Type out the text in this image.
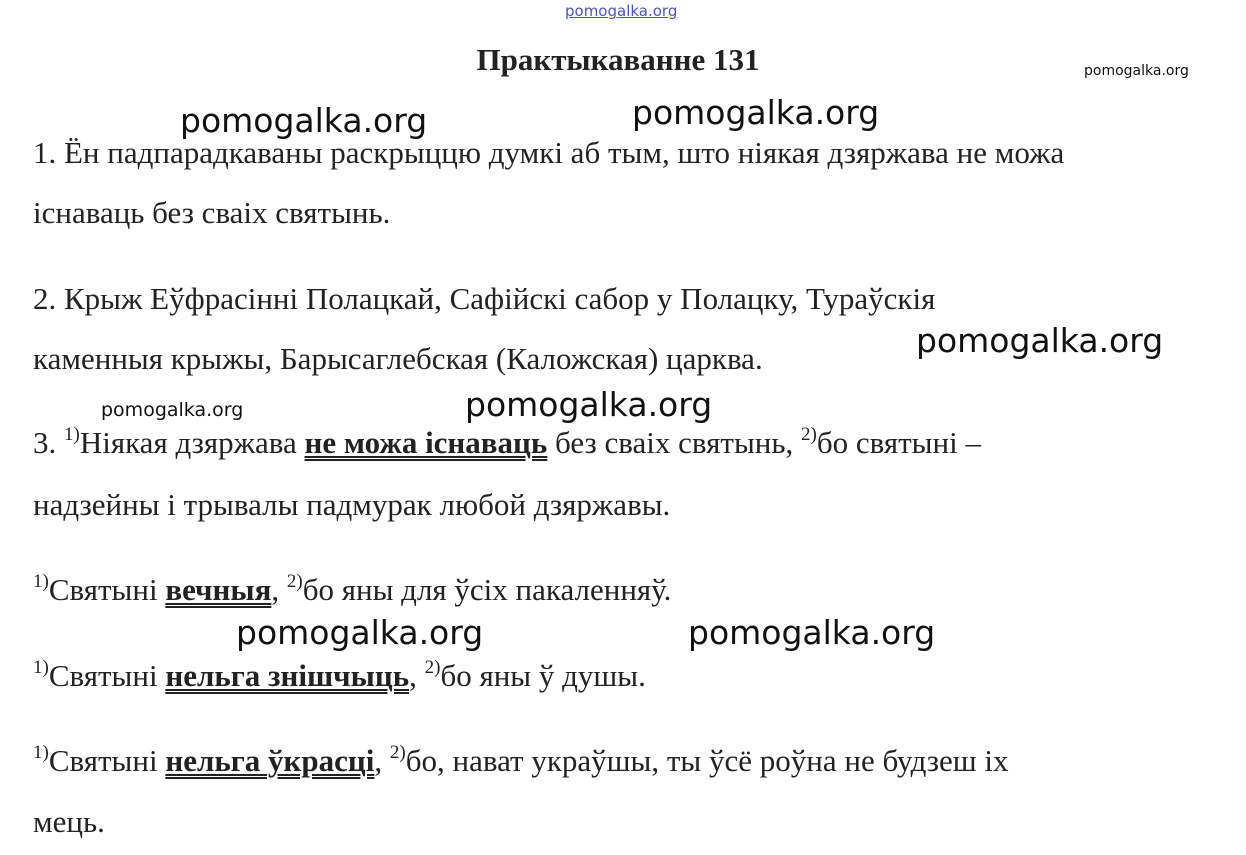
pomogalka.org
Практыкаванне 131	pomogalka.org
pomogalka.org	pomogalka.org
1. Ён падпарадкаваны раскрыццю думкі аб тым, што ніякая дзяржава не можа
існаваць без сваіх святынь.
2. Крыж Еўфрасінні Полацкай, Сафійскі сабор у Полацку, Тураўскія
pomogalka.org
каменныя крыжы, Барысаглебская (Каложская) царква.
pomogalka.org	pomogalka.org
3. $^{1)}$Ніякая дзяржава не можа існаваць без сваіх святынь, $^{2)}$бо святыні –
надзейны і трывалы падмурак любой дзяржавы.
$^{1)}$Святыні вечныя, $^{2)}$бо яны для ўсіх пакаленняў.
pomogalka.org	pomogalka.org
$^{1)}$Святыні нельга знішчыць, $^{2)}$бо яны ў душы.
$^{1)}$Святыні нельга ўкрасці, $^{2)}$бо, нават украўшы, ты ўсё роўна не будзеш іх
мець.
